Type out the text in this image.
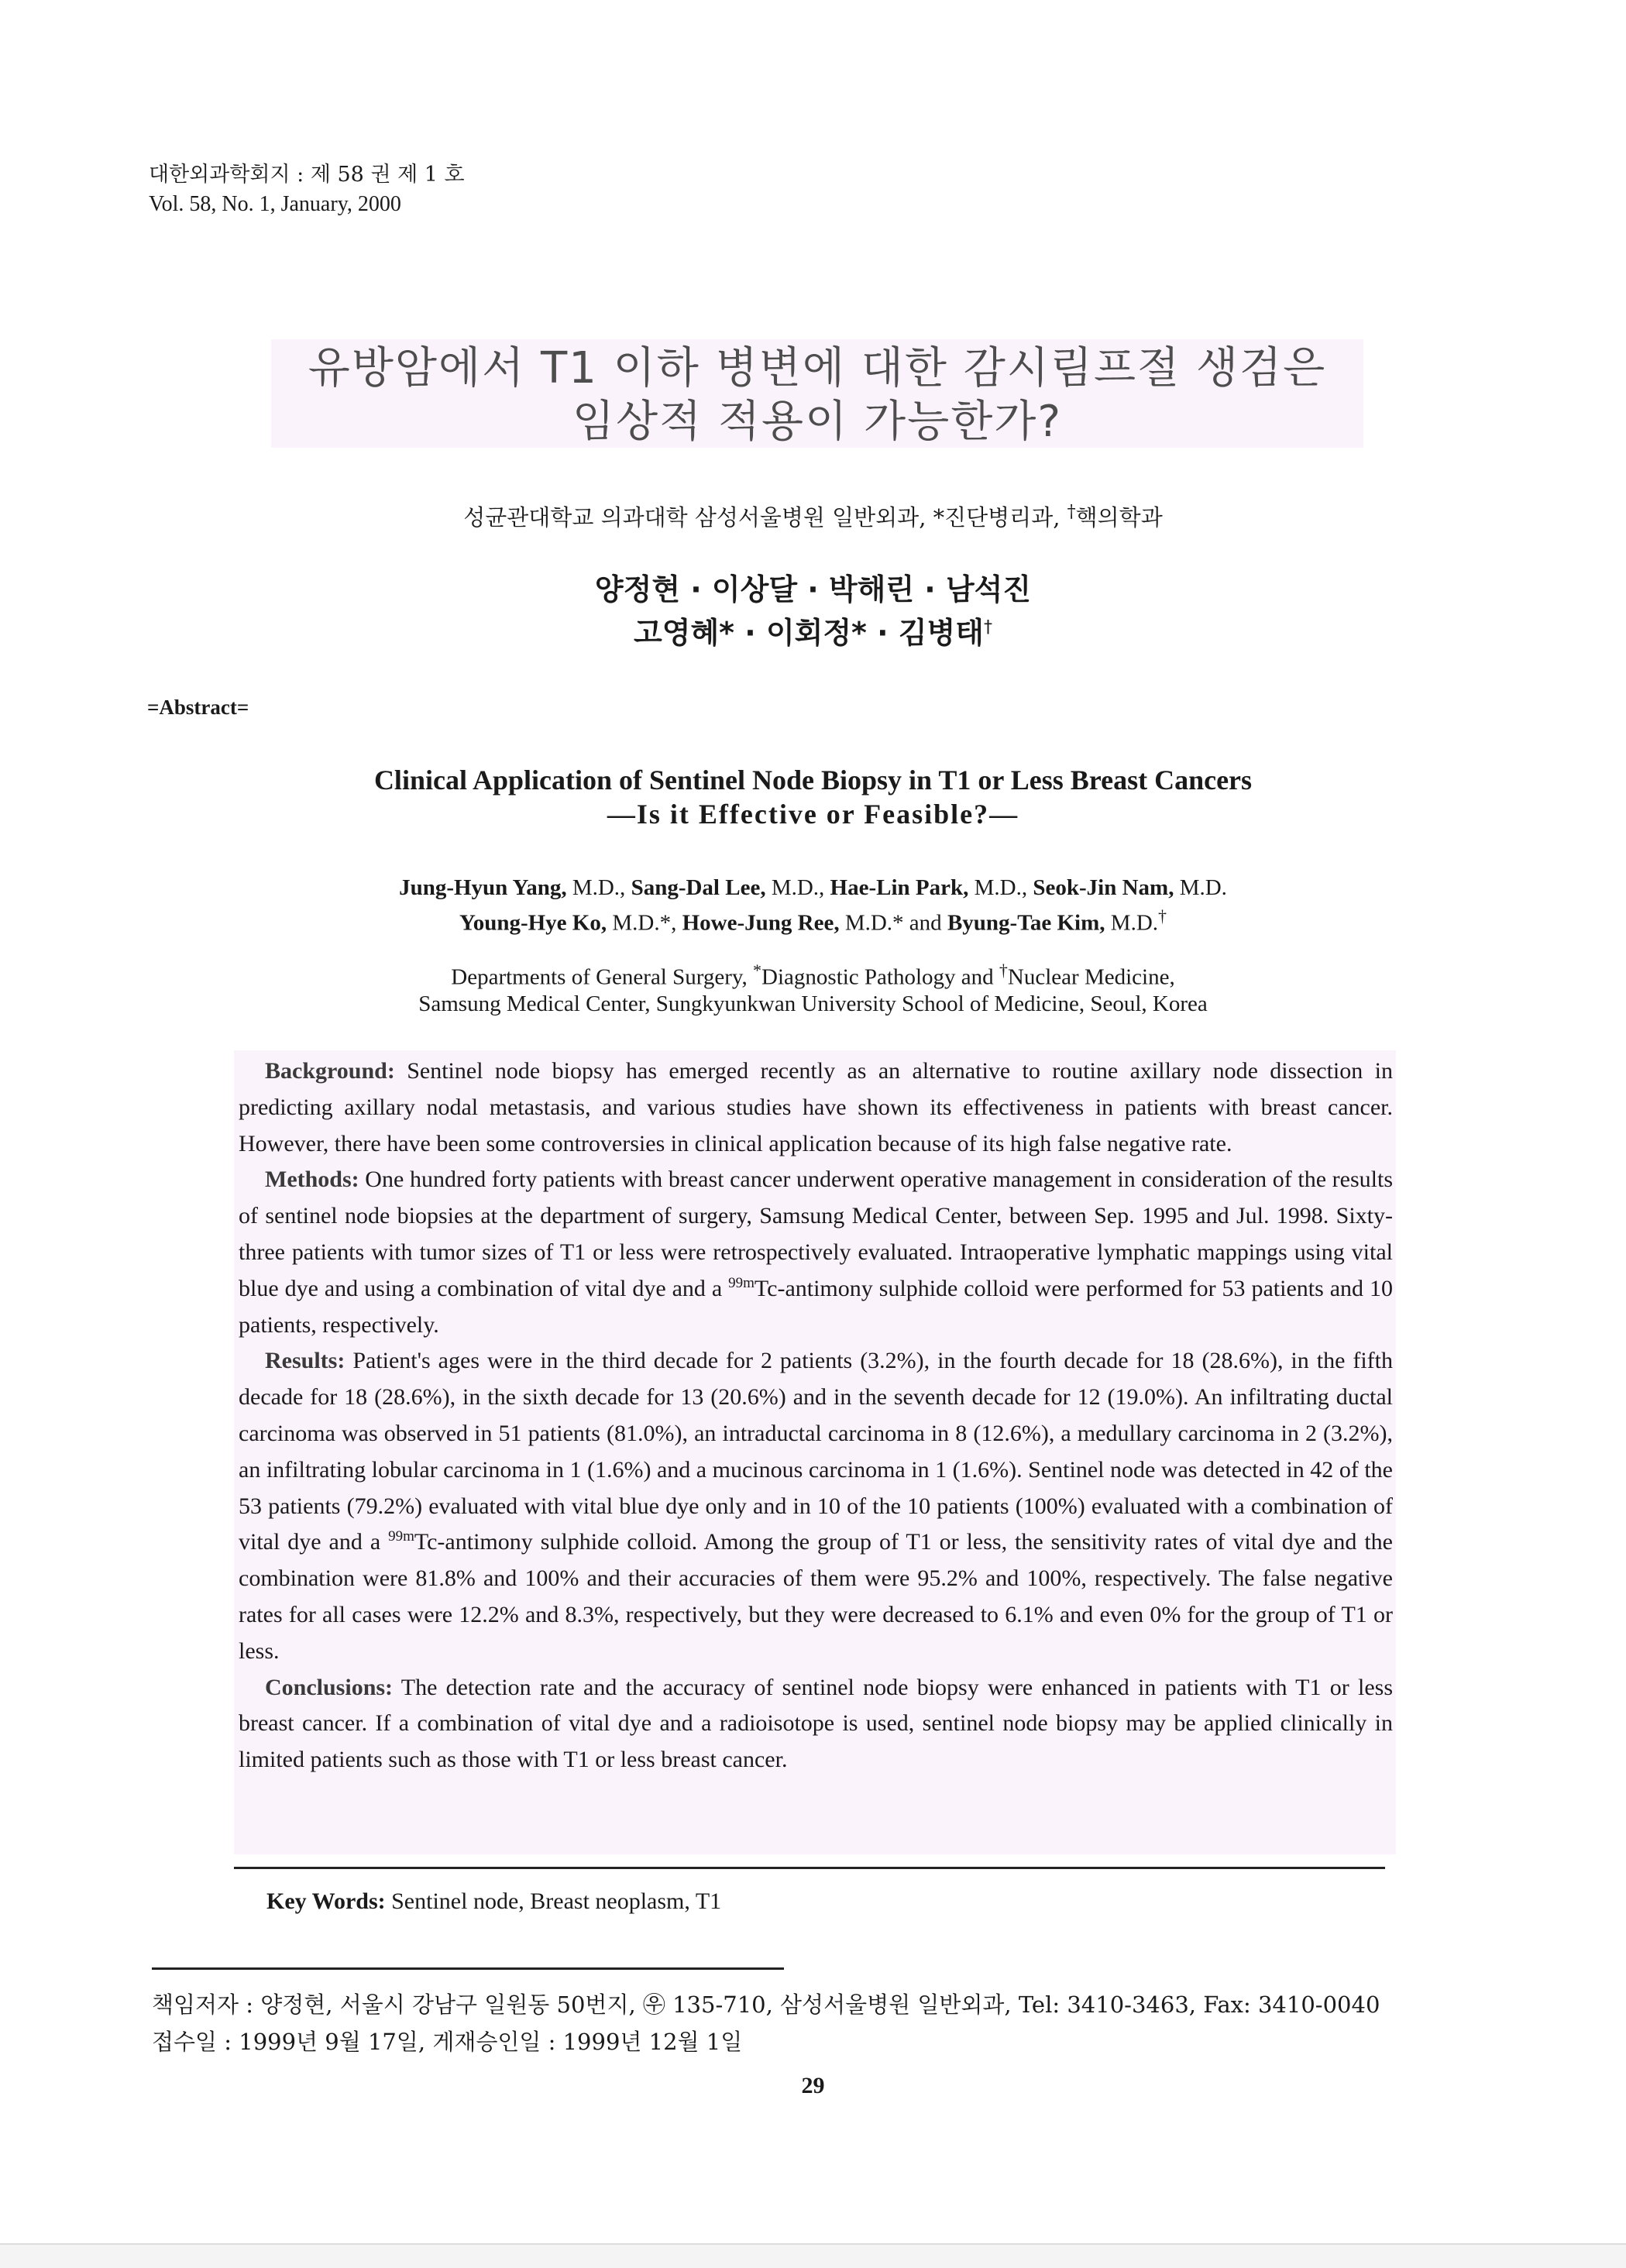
대한외과학회지 : 제 58 권 제 1 호
Vol. 58, No. 1, January, 2000
유방암에서 T1 이하 병변에 대한 감시림프절 생검은
임상적 적용이 가능한가?
성균관대학교 의과대학 삼성서울병원 일반외과, *진단병리과, †핵의학과
양정현 · 이상달 · 박해린 · 남석진
고영혜* · 이회정* · 김병태†
=Abstract=
Clinical Application of Sentinel Node Biopsy in T1 or Less Breast Cancers
—Is it Effective or Feasible?—
Jung-Hyun Yang, M.D., Sang-Dal Lee, M.D., Hae-Lin Park, M.D., Seok-Jin Nam, M.D.
Young-Hye Ko, M.D.*, Howe-Jung Ree, M.D.* and Byung-Tae Kim, M.D.†
Departments of General Surgery, *Diagnostic Pathology and †Nuclear Medicine,
Samsung Medical Center, Sungkyunkwan University School of Medicine, Seoul, Korea

Background: Sentinel node biopsy has emerged recently as an alternative to routine axillary node dissection in predicting axillary nodal metastasis, and various studies have shown its effectiveness in patients with breast cancer. However, there have been some controversies in clinical application because of its high false negative rate.

Methods: One hundred forty patients with breast cancer underwent operative management in consideration of the results of sentinel node biopsies at the department of surgery, Samsung Medical Center, between Sep. 1995 and Jul. 1998. Sixty-three patients with tumor sizes of T1 or less were retrospectively evaluated. Intraoperative lymphatic mappings using vital blue dye and using a combination of vital dye and a $^{99m}$Tc-antimony sulphide colloid were performed for 53 patients and 10 patients, respectively.

Results: Patient's ages were in the third decade for 2 patients (3.2%), in the fourth decade for 18 (28.6%), in the fifth decade for 18 (28.6%), in the sixth decade for 13 (20.6%) and in the seventh decade for 12 (19.0%). An infiltrating ductal carcinoma was observed in 51 patients (81.0%), an intraductal carcinoma in 8 (12.6%), a medullary carcinoma in 2 (3.2%), an infiltrating lobular carcinoma in 1 (1.6%) and a mucinous carcinoma in 1 (1.6%). Sentinel node was detected in 42 of the 53 patients (79.2%) evaluated with vital blue dye only and in 10 of the 10 patients (100%) evaluated with a combination of vital dye and a $^{99m}$Tc-antimony sulphide colloid. Among the group of T1 or less, the sensitivity rates of vital dye and the combination were 81.8% and 100% and their accuracies of them were 95.2% and 100%, respectively. The false negative rates for all cases were 12.2% and 8.3%, respectively, but they were decreased to 6.1% and even 0% for the group of T1 or less.

Conclusions: The detection rate and the accuracy of sentinel node biopsy were enhanced in patients with T1 or less breast cancer. If a combination of vital dye and a radioisotope is used, sentinel node biopsy may be applied clinically in limited patients such as those with T1 or less breast cancer.

Key Words: Sentinel node, Breast neoplasm, T1
책임저자 : 양정현, 서울시 강남구 일원동 50번지, ㉾ 135-710, 삼성서울병원 일반외과, Tel: 3410-3463, Fax: 3410-0040
접수일 : 1999년 9월 17일, 게재승인일 : 1999년 12월 1일
29
